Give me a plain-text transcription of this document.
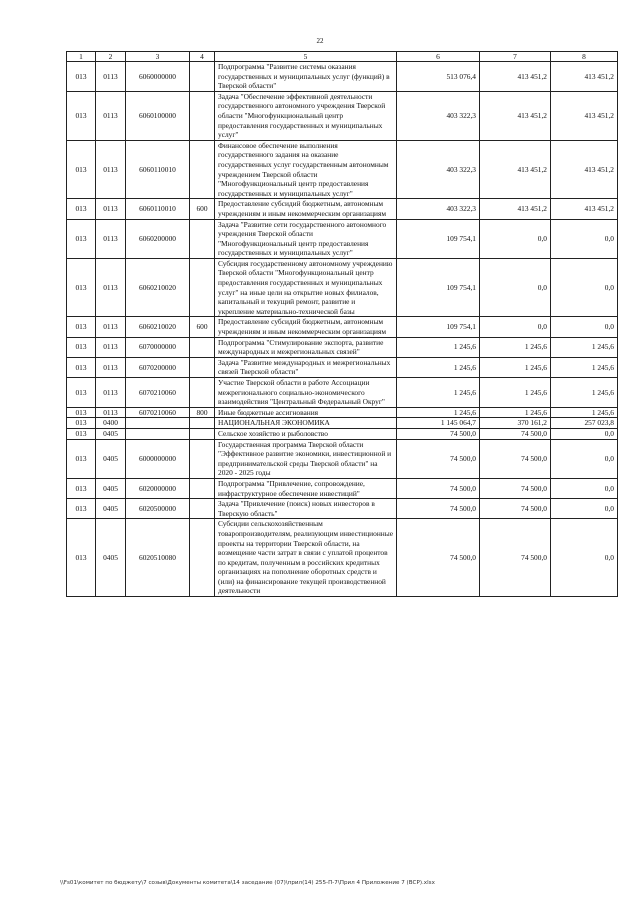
22
1	2	3	4	5	6	7	8
013	0113	6060000000		Подпрограмма "Развитие системы оказания государственных и муниципальных услуг (функций) в Тверской области"	513 076,4	413 451,2	413 451,2
013	0113	6060100000		Задача "Обеспечение эффективной деятельности государственного автономного учреждения Тверской области "Многофункциональный центр предоставления государственных и муниципальных услуг"	403 322,3	413 451,2	413 451,2
013	0113	6060110010		Финансовое обеспечение выполнения государственного задания на оказание государственных услуг государственным автономным учреждением Тверской области "Многофункциональный центр предоставления государственных и муниципальных услуг"	403 322,3	413 451,2	413 451,2
013	0113	6060110010	600	Предоставление субсидий бюджетным, автономным учреждениям и иным некоммерческим организациям	403 322,3	413 451,2	413 451,2
013	0113	6060200000		Задача "Развитие сети государственного автономного учреждения Тверской области "Многофункциональный центр предоставления государственных и муниципальных услуг"	109 754,1	0,0	0,0
013	0113	6060210020		Субсидия государственному автономному учреждению Тверской области "Многофункциональный центр предоставления государственных и муниципальных услуг" на иные цели на открытие новых филиалов, капитальный и текущий ремонт, развитие и укрепление материально-технической базы	109 754,1	0,0	0,0
013	0113	6060210020	600	Предоставление субсидий бюджетным, автономным учреждениям и иным некоммерческим организациям	109 754,1	0,0	0,0
013	0113	6070000000		Подпрограмма "Стимулирование экспорта, развитие международных и межрегиональных связей"	1 245,6	1 245,6	1 245,6
013	0113	6070200000		Задача "Развитие международных и межрегиональных связей Тверской области"	1 245,6	1 245,6	1 245,6
013	0113	6070210060		Участие Тверской области в работе Ассоциации межрегионального социально-экономического взаимодействия "Центральный Федеральный Округ"	1 245,6	1 245,6	1 245,6
013	0113	6070210060	800	Иные бюджетные ассигнования	1 245,6	1 245,6	1 245,6
013	0400			НАЦИОНАЛЬНАЯ ЭКОНОМИКА	1 145 064,7	370 161,2	257 023,8
013	0405			Сельское хозяйство и рыболовство	74 500,0	74 500,0	0,0
013	0405	6000000000		Государственная программа Тверской области "Эффективное развитие экономики, инвестиционной и предпринимательской среды Тверской области" на 2020 - 2025 годы	74 500,0	74 500,0	0,0
013	0405	6020000000		Подпрограмма "Привлечение, сопровождение, инфраструктурное обеспечение инвестиций"	74 500,0	74 500,0	0,0
013	0405	6020500000		Задача "Привлечение (поиск) новых инвесторов в Тверскую область"	74 500,0	74 500,0	0,0
013	0405	6020510080		Субсидии сельскохозяйственным товаропроизводителям, реализующим инвестиционные проекты на территории Тверской области, на возмещение части затрат в связи с уплатой процентов по кредитам, полученным в российских кредитных организациях на пополнение оборотных средств и (или) на финансирование текущей производственной деятельности	74 500,0	74 500,0	0,0
\\Fs01\комитет по бюджету\7 созыв\Документы комитета\14 заседание (07)\прил(14) 255-П-7\Прил 4 Приложение 7 (ВСР).xlsx
